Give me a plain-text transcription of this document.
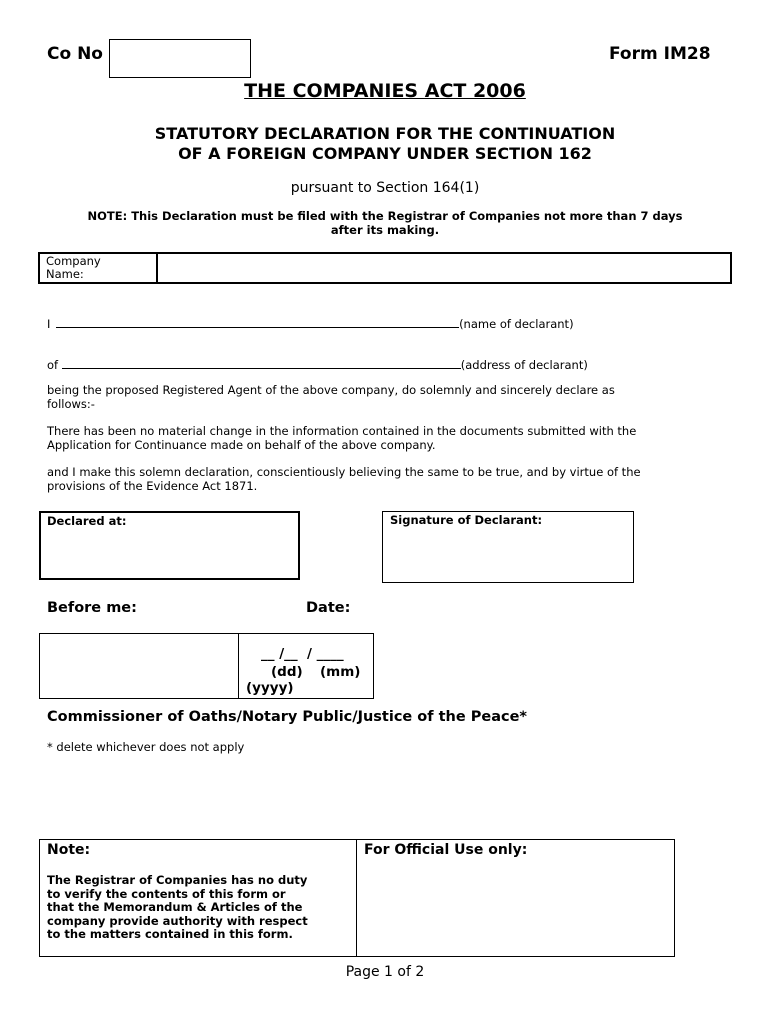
Co No	Form IM28
THE COMPANIES ACT 2006
STATUTORY DECLARATION FOR THE CONTINUATION
OF A FOREIGN COMPANY UNDER SECTION 162
pursuant to Section 164(1)
NOTE: This Declaration must be filed with the Registrar of Companies not more than 7 days
after its making.
Company
Name:
I	(name of declarant)
of	(address of declarant)
being the proposed Registered Agent of the above company, do solemnly and sincerely declare as
follows:-
There has been no material change in the information contained in the documents submitted with the
Application for Continuance made on behalf of the above company.
and I make this solemn declaration, conscientiously believing the same to be true, and by virtue of the
provisions of the Evidence Act 1871.
Declared at:	Signature of Declarant:
Before me:	Date:
__ /__  / ____
(dd) (mm)
(yyyy)
Commissioner of Oaths/Notary Public/Justice of the Peace*
* delete whichever does not apply
Note:
The Registrar of Companies has no duty
to verify the contents of this form or
that the Memorandum & Articles of the
company provide authority with respect
to the matters contained in this form.
For Official Use only:
Page 1 of 2
